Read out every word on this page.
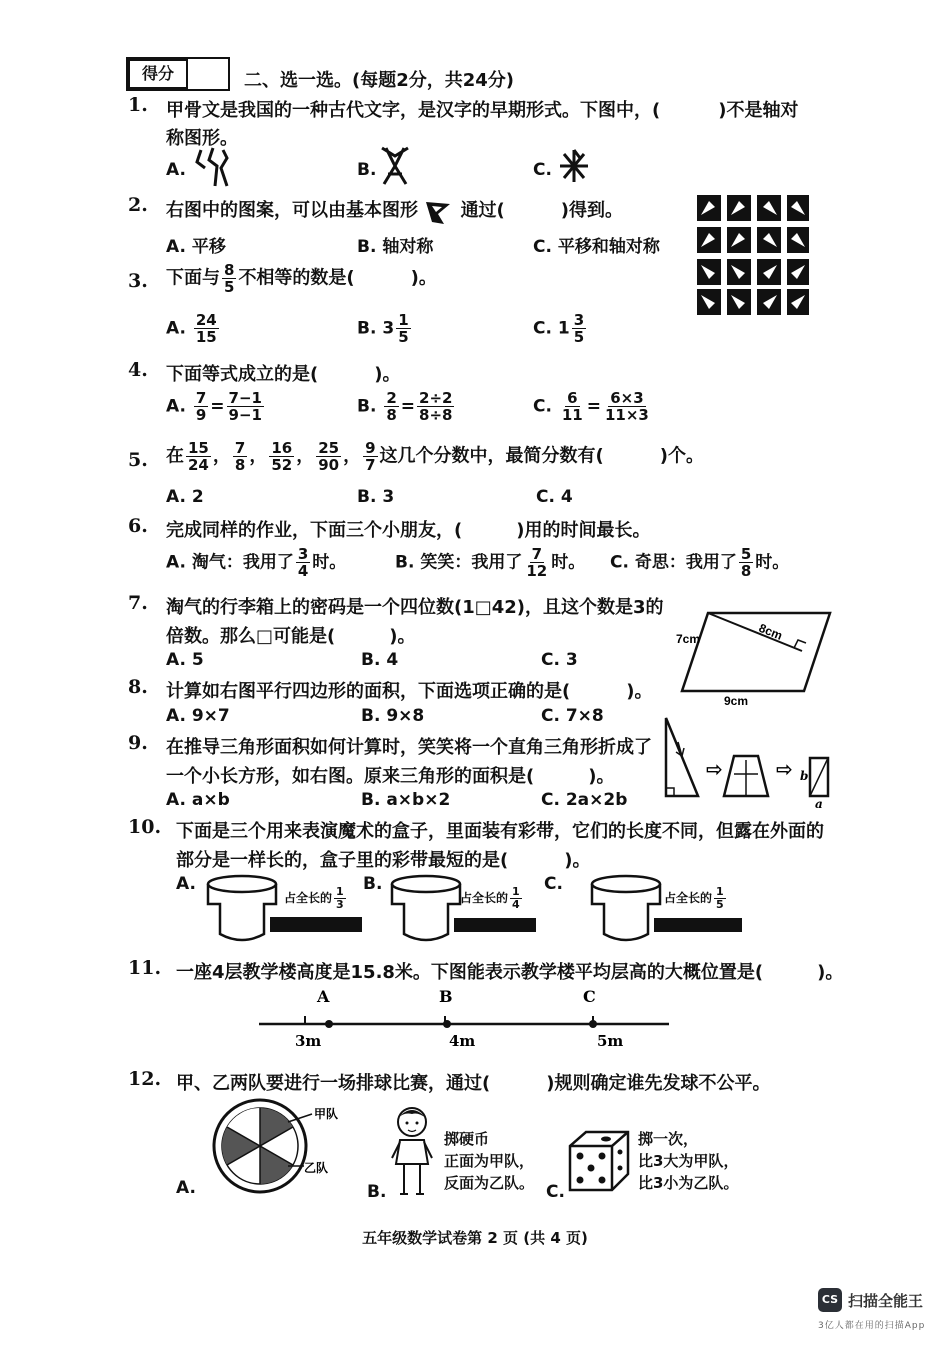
得分	二、选一选。(每题2分，共24分)
1. 甲骨文是我国的一种古代文字，是汉字的早期形式。下图中，(	)不是轴对
称图形。
A.	B.	C.
2. 右图中的图案，可以由基本图形 通过(	)得到。
A. 平移	B. 轴对称	C. 平移和轴对称
3. 下面与 $\frac{8}{5}$ 不相等的数是(	)。
A. $\frac{24}{15}$	B. $3 \frac{1}{5}$	C. $1 \frac{3}{5}$
4. 下面等式成立的是(	)。
A. $\frac{7}{9} = \frac{7-1}{9-1}$	B. $\frac{2}{8} = \frac{2\div 2}{8\div 8}$	C. $\frac{6}{11} = \frac{6\times 3}{11\times 3}$
5. 在 $\frac{15}{24}$ ， $\frac{7}{8}$ ， $\frac{16}{52}$ ， $\frac{25}{90}$ ， $\frac{9}{7}$ 这几个分数中，最简分数有(	)个。
A. 2	B. 3	C. 4
6. 完成同样的作业，下面三个小朋友，(	)用的时间最长。
A. 淘气：我用了 $\frac{3}{4}$ 时。	B. 笑笑：我用了 $\frac{7}{12}$ 时。 C. 奇思：我用了 $\frac{5}{8}$ 时。
7. 淘气的行李箱上的密码是一个四位数(1□42)，且这个数是3的
倍数。那么□可能是(	)。
A. 5	B. 4	C. 3
7cm	8cm
9cm
8. 计算如右图平行四边形的面积，下面选项正确的是(	)。
A. 9×7	B. 9×8	C. 7×8
9. 在推导三角形面积如何计算时，笑笑将一个直角三角形折成了
一个小长方形，如右图。原来三角形的面积是(	)。
A. a×b	B. a×b×2	C. 2a×2b
⇨	⇨ b
a
10. 下面是三个用来表演魔术的盒子，里面装有彩带，它们的长度不同，但露在外面的
部分是一样长的，盒子里的彩带最短的是(	)。
A.	B.	C.
占全长的 $\frac{1}{3}$	占全长的 $\frac{1}{4}$	占全长的 $\frac{1}{5}$
11. 一座4层教学楼高度是15.8米。下图能表示教学楼平均层高的大概位置是(	)。
A	B	C
3m	4m	5m
12. 甲、乙两队要进行一场排球比赛，通过(	)规则确定谁先发球不公平。
A.
甲队
乙队
B.
掷硬币
正面为甲队，
反面为乙队。 C.
掷一次，
比3大为甲队，
比3小为乙队。
五年级数学试卷第 2 页 (共 4 页)
CS 扫描全能王
3亿人都在用的扫描App
